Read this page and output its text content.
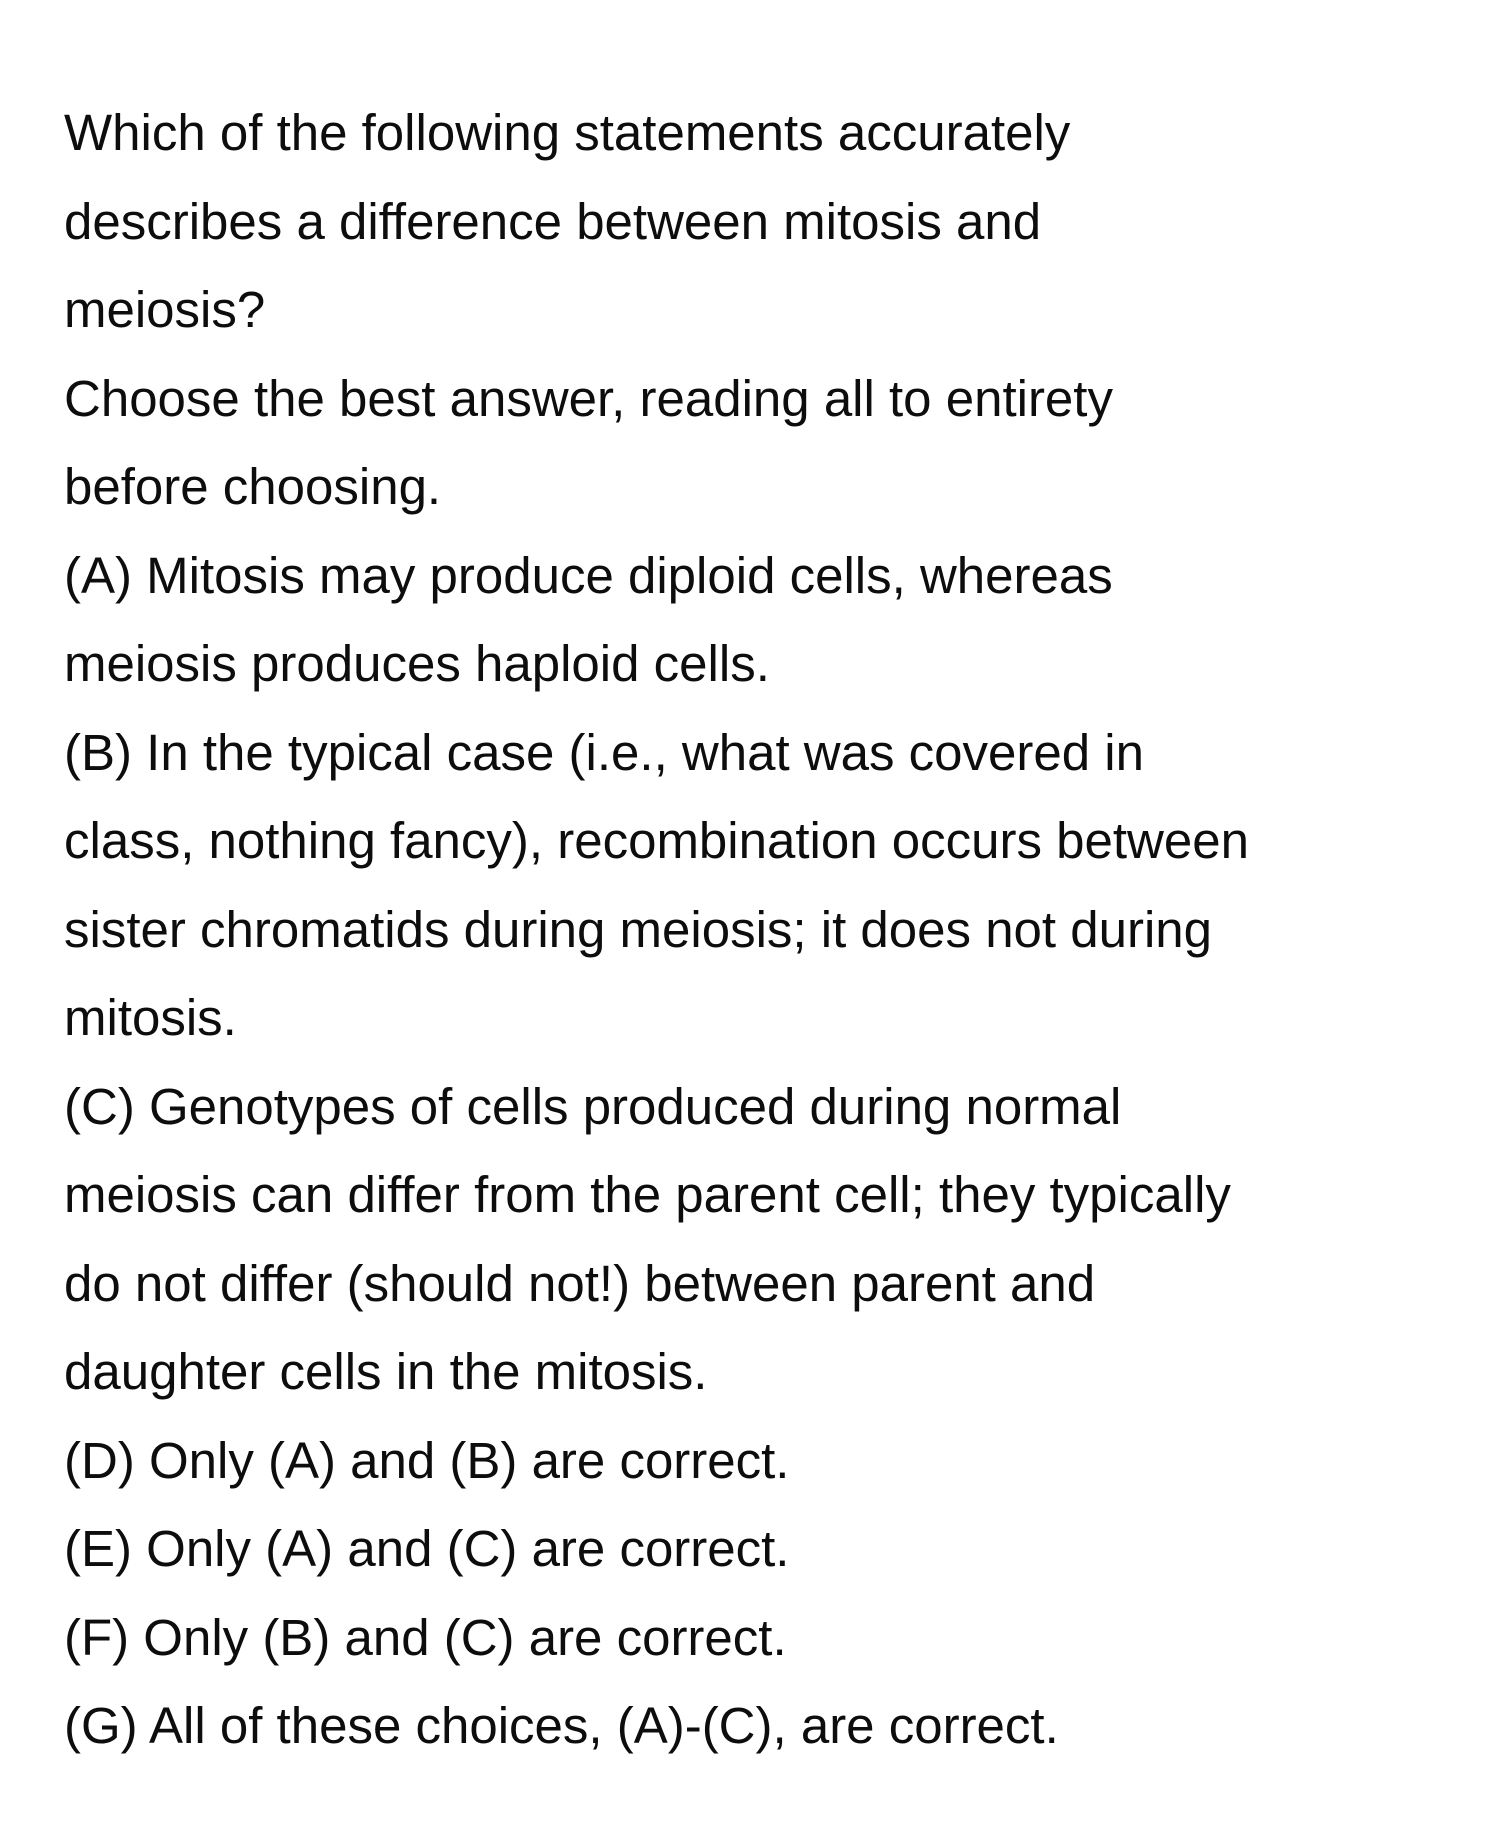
Which of the following statements accurately
describes a difference between mitosis and
meiosis?
Choose the best answer, reading all to entirety
before choosing.
(A) Mitosis may produce diploid cells, whereas
meiosis produces haploid cells.
(B) In the typical case (i.e., what was covered in
class, nothing fancy), recombination occurs between
sister chromatids during meiosis; it does not during
mitosis.
(C) Genotypes of cells produced during normal
meiosis can differ from the parent cell; they typically
do not differ (should not!) between parent and
daughter cells in the mitosis.
(D) Only (A) and (B) are correct.
(E) Only (A) and (C) are correct.
(F) Only (B) and (C) are correct.
(G) All of these choices, (A)-(C), are correct.
